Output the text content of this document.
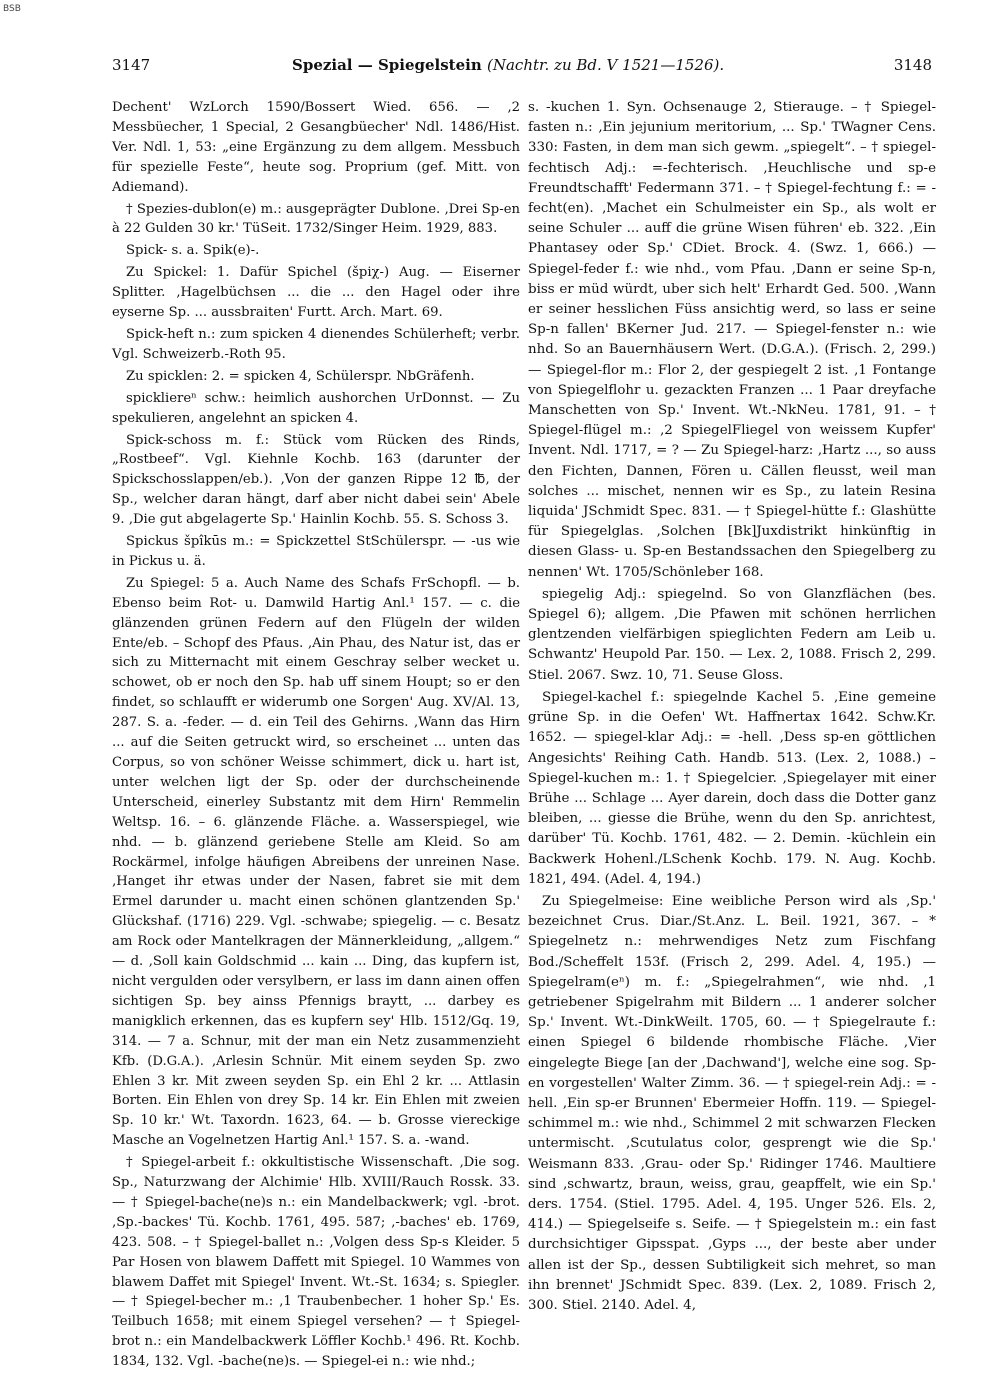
BSB
3147	Spezial — Spiegelstein (Nachtr. zu Bd. V 1521—1526).	3148

Dechent' WzLorch 1590/Bossert Wied. 656. — ‚2 Messbüecher, 1 Special, 2 Gesangbüecher' Ndl. 1486/Hist. Ver. Ndl. 1, 53: „eine Ergänzung zu dem allgem. Messbuch für spezielle Feste“, heute sog. Proprium (gef. Mitt. von Adiemand).

† Spezies-dublon(e) m.: ausgeprägter Dublone. ‚Drei Sp-en à 22 Gulden 30 kr.' TüSeit. 1732/Singer Heim. 1929, 883.

Spick- s. a. Spik(e)-.

Zu Spickel: 1. Dafür Spichel (špiχ-) Aug. — Eiserner Splitter. ‚Hagelbüchsen ... die ... den Hagel oder ihre eyserne Sp. ... aussbraiten' Furtt. Arch. Mart. 69.

Spick-heft n.: zum spicken 4 dienendes Schülerheft; verbr. Vgl. Schweizerb.-Roth 95.

Zu spicklen: 2. = spicken 4, Schülerspr. NbGräfenh.

spickliereⁿ schw.: heimlich aushorchen UrDonnst. — Zu spekulieren, angelehnt an spicken 4.

Spick-schoss m. f.: Stück vom Rücken des Rinds, „Rostbeef“. Vgl. Kiehnle Kochb. 163 (darunter der Spickschosslappen/eb.). ‚Von der ganzen Rippe 12 ℔, der Sp., welcher daran hängt, darf aber nicht dabei sein' Abele 9. ‚Die gut abgelagerte Sp.' Hainlin Kochb. 55. S. Schoss 3.

Spickus špîkūs m.: = Spickzettel StSchülerspr. — -us wie in Pickus u. ä.

Zu Spiegel: 5 a. Auch Name des Schafs FrSchopfl. — b. Ebenso beim Rot- u. Damwild Hartig Anl.¹ 157. — c. die glänzenden grünen Federn auf den Flügeln der wilden Ente/eb. – Schopf des Pfaus. ‚Ain Phau, des Natur ist, das er sich zu Mitternacht mit einem Geschray selber wecket u. schowet, ob er noch den Sp. hab uff sinem Houpt; so er den findet, so schlaufft er widerumb one Sorgen' Aug. XV/Al. 13, 287. S. a. -feder. — d. ein Teil des Gehirns. ‚Wann das Hirn ... auf die Seiten getruckt wird, so erscheinet ... unten das Corpus, so von schöner Weisse schimmert, dick u. hart ist, unter welchen ligt der Sp. oder der durchscheinende Unterscheid, einerley Substantz mit dem Hirn' Remmelin Weltsp. 16. – 6. glänzende Fläche. a. Wasserspiegel, wie nhd. — b. glänzend geriebene Stelle am Kleid. So am Rockärmel, infolge häufigen Abreibens der unreinen Nase. ‚Hanget ihr etwas under der Nasen, fabret sie mit dem Ermel darunder u. macht einen schönen glantzenden Sp.' Glückshaf. (1716) 229. Vgl. -schwabe; spiegelig. — c. Besatz am Rock oder Mantelkragen der Männerkleidung, „allgem.“ — d. ‚Soll kain Goldschmid ... kain ... Ding, das kupfern ist, nicht vergulden oder versylbern, er lass im dann ainen offen sichtigen Sp. bey ainss Pfennigs braytt, ... darbey es manigklich erkennen, das es kupfern sey' Hlb. 1512/Gq. 19, 314. — 7 a. Schnur, mit der man ein Netz zusammenzieht Kfb. (D.G.A.). ‚Arlesin Schnür. Mit einem seyden Sp. zwo Ehlen 3 kr. Mit zween seyden Sp. ein Ehl 2 kr. ... Attlasin Borten. Ein Ehlen von drey Sp. 14 kr. Ein Ehlen mit zweien Sp. 10 kr.' Wt. Taxordn. 1623, 64. — b. Grosse viereckige Masche an Vogelnetzen Hartig Anl.¹ 157. S. a. -wand.

† Spiegel-arbeit f.: okkultistische Wissenschaft. ‚Die sog. Sp., Naturzwang der Alchimie' Hlb. XVIII/Rauch Rossk. 33. — † Spiegel-bache(ne)s n.: ein Mandelbackwerk; vgl. -brot. ‚Sp.-backes' Tü. Kochb. 1761, 495. 587; ‚-baches' eb. 1769, 423. 508. – † Spiegel-ballet n.: ‚Volgen dess Sp-s Kleider. 5 Par Hosen von blawem Daffett mit Spiegel. 10 Wammes von blawem Daffet mit Spiegel' Invent. Wt.-St. 1634; s. Spiegler. — † Spiegel-becher m.: ‚1 Traubenbecher. 1 hoher Sp.' Es. Teilbuch 1658; mit einem Spiegel versehen? — † Spiegel-brot n.: ein Mandelbackwerk Löffler Kochb.¹ 496. Rt. Kochb. 1834, 132. Vgl. -bache(ne)s. — Spiegel-ei n.: wie nhd.;

s. -kuchen 1. Syn. Ochsenauge 2, Stierauge. – † Spiegel-fasten n.: ‚Ein jejunium meritorium, ... Sp.' TWagner Cens. 330: Fasten, in dem man sich gewm. „spiegelt“. – † spiegel-fechtisch Adj.: =-fechterisch. ‚Heuchlische und sp-e Freundtschafft' Federmann 371. – † Spiegel-fechtung f.: = -fecht(en). ‚Machet ein Schulmeister ein Sp., als wolt er seine Schuler ... auff die grüne Wisen führen' eb. 322. ‚Ein Phantasey oder Sp.' CDiet. Brock. 4. (Swz. 1, 666.) — Spiegel-feder f.: wie nhd., vom Pfau. ‚Dann er seine Sp-n, biss er müd würdt, uber sich helt' Erhardt Ged. 500. ‚Wann er seiner hesslichen Füss ansichtig werd, so lass er seine Sp-n fallen' BKerner Jud. 217. — Spiegel-fenster n.: wie nhd. So an Bauernhäusern Wert. (D.G.A.). (Frisch. 2, 299.) — Spiegel-flor m.: Flor 2, der gespiegelt 2 ist. ‚1 Fontange von Spiegelflohr u. gezackten Franzen ... 1 Paar dreyfache Manschetten von Sp.' Invent. Wt.-NkNeu. 1781, 91. – † Spiegel-flügel m.: ‚2 SpiegelFliegel von weissem Kupfer' Invent. Ndl. 1717, = ? — Zu Spiegel-harz: ‚Hartz ..., so auss den Fichten, Dannen, Fören u. Cällen fleusst, weil man solches ... mischet, nennen wir es Sp., zu latein Resina liquida' JSchmidt Spec. 831. — † Spiegel-hütte f.: Glashütte für Spiegelglas. ‚Solchen [Bk]Juxdistrikt hinkünftig in diesen Glass- u. Sp-en Bestandssachen den Spiegelberg zu nennen' Wt. 1705/Schönleber 168.

spiegelig Adj.: spiegelnd. So von Glanzflächen (bes. Spiegel 6); allgem. ‚Die Pfawen mit schönen herrlichen glentzenden vielfärbigen spieglichten Federn am Leib u. Schwantz' Heupold Par. 150. — Lex. 2, 1088. Frisch 2, 299. Stiel. 2067. Swz. 10, 71. Seuse Gloss.

Spiegel-kachel f.: spiegelnde Kachel 5. ‚Eine gemeine grüne Sp. in die Oefen' Wt. Haffnertax 1642. Schw.Kr. 1652. — spiegel-klar Adj.: = -hell. ‚Dess sp-en göttlichen Angesichts' Reihing Cath. Handb. 513. (Lex. 2, 1088.) – Spiegel-kuchen m.: 1. † Spiegelcier. ‚Spiegelayer mit einer Brühe ... Schlage ... Ayer darein, doch dass die Dotter ganz bleiben, ... giesse die Brühe, wenn du den Sp. anrichtest, darüber' Tü. Kochb. 1761, 482. — 2. Demin. -küchlein ein Backwerk Hohenl./LSchenk Kochb. 179. N. Aug. Kochb. 1821, 494. (Adel. 4, 194.)

Zu Spiegelmeise: Eine weibliche Person wird als ‚Sp.' bezeichnet Crus. Diar./St.Anz. L. Beil. 1921, 367. – * Spiegelnetz n.: mehrwendiges Netz zum Fischfang Bod./Scheffelt 153f. (Frisch 2, 299. Adel. 4, 195.) — Spiegelram(eⁿ) m. f.: „Spiegelrahmen“, wie nhd. ‚1 getriebener Spigelrahm mit Bildern ... 1 anderer solcher Sp.' Invent. Wt.-DinkWeilt. 1705, 60. — † Spiegelraute f.: einen Spiegel 6 bildende rhombische Fläche. ‚Vier eingelegte Biege [an der ‚Dachwand'], welche eine sog. Sp-en vorgestellen' Walter Zimm. 36. — † spiegel-rein Adj.: = -hell. ‚Ein sp-er Brunnen' Ebermeier Hoffn. 119. — Spiegel-schimmel m.: wie nhd., Schimmel 2 mit schwarzen Flecken untermischt. ‚Scutulatus color, gesprengt wie die Sp.' Weismann 833. ‚Grau- oder Sp.' Ridinger 1746. Maultiere sind ‚schwartz, braun, weiss, grau, geapffelt, wie ein Sp.' ders. 1754. (Stiel. 1795. Adel. 4, 195. Unger 526. Els. 2, 414.) — Spiegelseife s. Seife. — † Spiegelstein m.: ein fast durchsichtiger Gipsspat. ‚Gyps ..., der beste aber under allen ist der Sp., dessen Subtiligkeit sich mehret, so man ihn brennet' JSchmidt Spec. 839. (Lex. 2, 1089. Frisch 2, 300. Stiel. 2140. Adel. 4,
